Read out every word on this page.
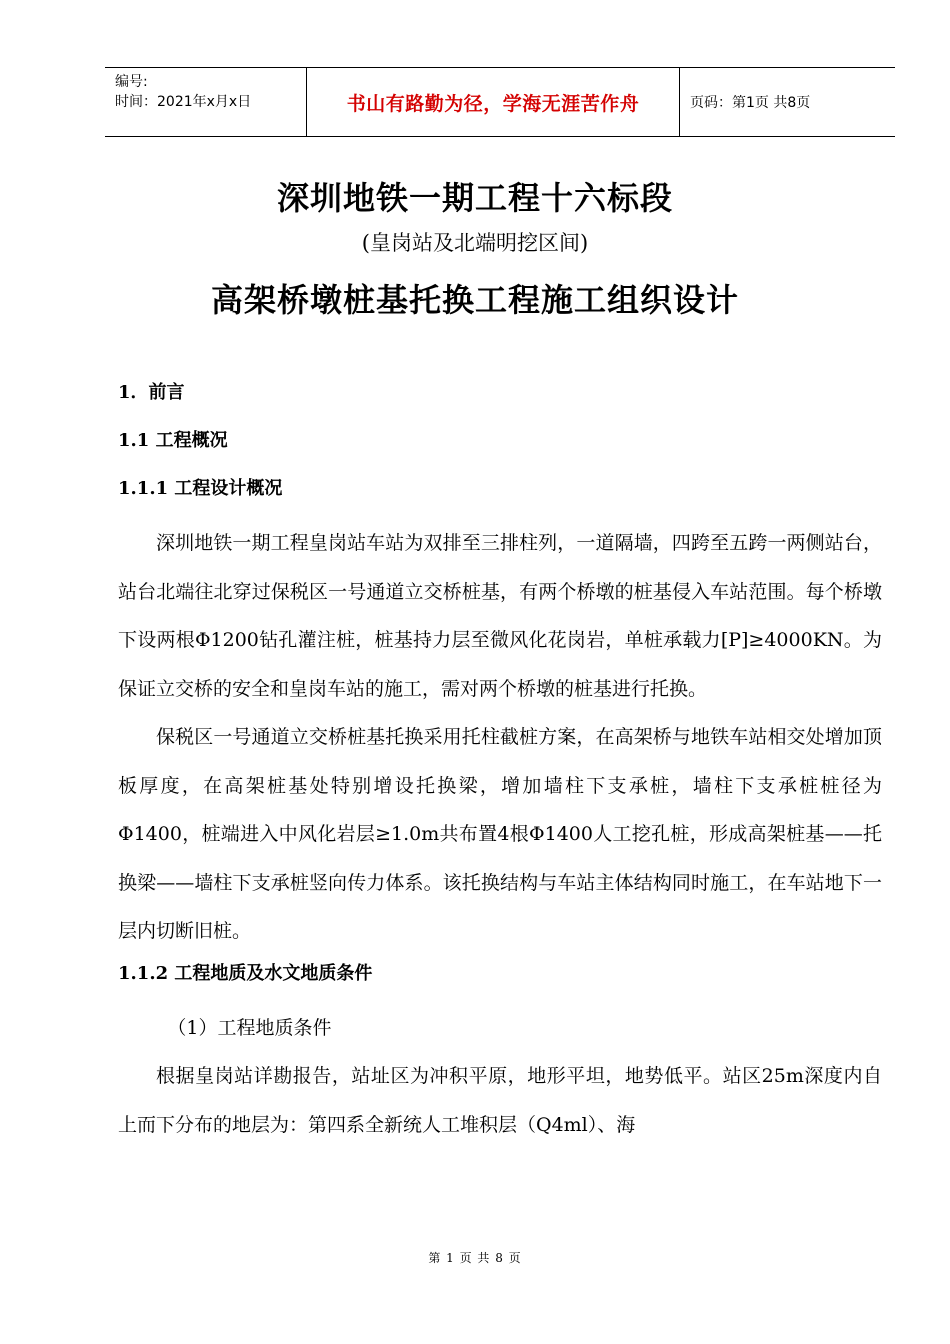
编号:
时间：2021年x月x日	书山有路勤为径，学海无涯苦作舟	页码：第1页 共8页
深圳地铁一期工程十六标段
(皇岗站及北端明挖区间)
高架桥墩桩基托换工程施工组织设计
1．前言
1.1 工程概况
1.1.1 工程设计概况

深圳地铁一期工程皇岗站车站为双排至三排柱列，一道隔墙，四跨至五跨一两侧站台，站台北端往北穿过保税区一号通道立交桥桩基，有两个桥墩的桩基侵入车站范围。每个桥墩下设两根Φ1200钻孔灌注桩，桩基持力层至微风化花岗岩，单桩承载力[P]≥4000KN。为保证立交桥的安全和皇岗车站的施工，需对两个桥墩的桩基进行托换。

保税区一号通道立交桥桩基托换采用托柱截桩方案，在高架桥与地铁车站相交处增加顶板厚度，在高架桩基处特别增设托换梁，增加墙柱下支承桩，墙柱下支承桩桩径为Φ1400，桩端进入中风化岩层≥1.0m共布置4根Φ1400人工挖孔桩，形成高架桩基——托换梁——墙柱下支承桩竖向传力体系。该托换结构与车站主体结构同时施工，在车站地下一层内切断旧桩。

1.1.2 工程地质及水文地质条件

（1）工程地质条件

根据皇岗站详勘报告，站址区为冲积平原，地形平坦，地势低平。站区25m深度内自上而下分布的地层为：第四系全新统人工堆积层（Q4ml）、海

第 1 页 共 8 页
